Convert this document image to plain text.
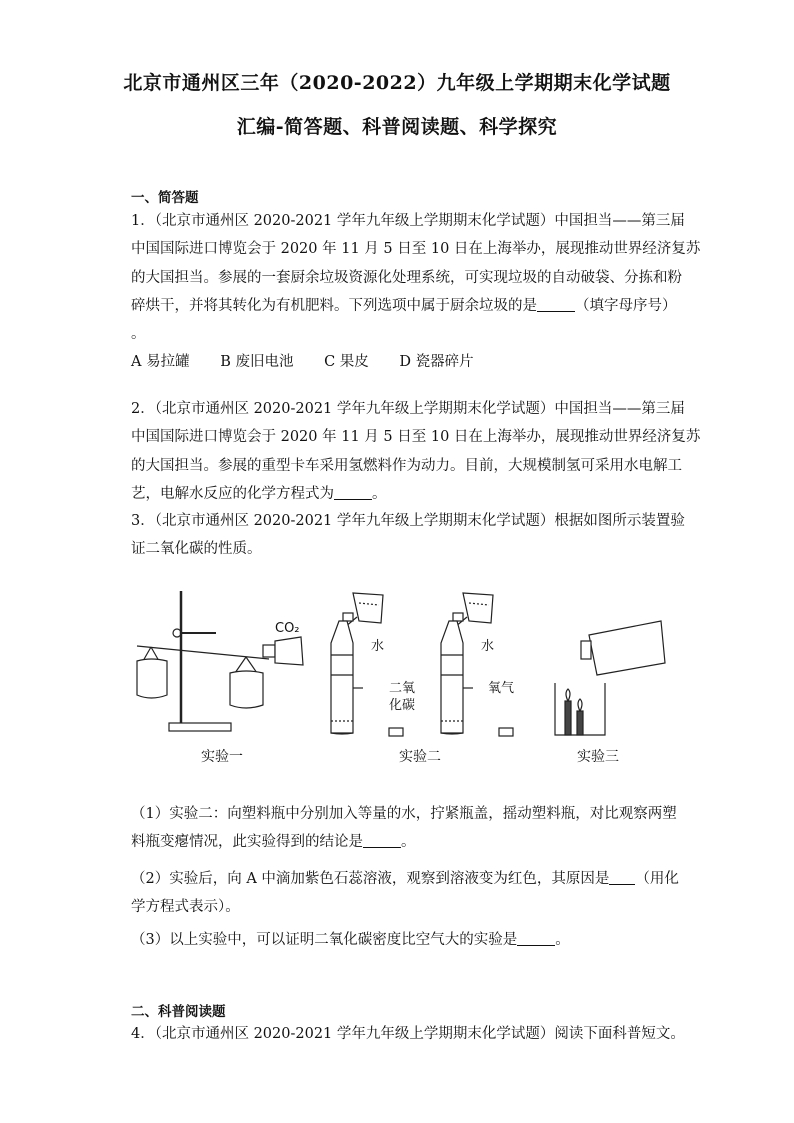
北京市通州区三年（2020-2022）九年级上学期期末化学试题
汇编-简答题、科普阅读题、科学探究
一、简答题
1．（北京市通州区 2020-2021 学年九年级上学期期末化学试题）中国担当——第三届
中国国际进口博览会于 2020 年 11 月 5 日至 10 日在上海举办，展现推动世界经济复苏
的大国担当。参展的一套厨余垃圾资源化处理系统，可实现垃圾的自动破袋、分拣和粉
碎烘干，并将其转化为有机肥料。下列选项中属于厨余垃圾的是	（填字母序号）
。
A 易拉罐 B 废旧电池 C 果皮 D 瓷器碎片
2．（北京市通州区 2020-2021 学年九年级上学期期末化学试题）中国担当——第三届
中国国际进口博览会于 2020 年 11 月 5 日至 10 日在上海举办，展现推动世界经济复苏
的大国担当。参展的重型卡车采用氢燃料作为动力。目前，大规模制氢可采用水电解工
艺，电解水反应的化学方程式为	。
3．（北京市通州区 2020-2021 学年九年级上学期期末化学试题）根据如图所示装置验
证二氧化碳的性质。
CO₂
水	水
二氧化碳
氧气
实验一	实验二	实验三
（1）实验二：向塑料瓶中分别加入等量的水，拧紧瓶盖，摇动塑料瓶，对比观察两塑
料瓶变瘪情况，此实验得到的结论是	。
（2）实验后，向 A 中滴加紫色石蕊溶液，观察到溶液变为红色，其原因是 （用化
学方程式表示）。
（3）以上实验中，可以证明二氧化碳密度比空气大的实验是	。
二、科普阅读题
4．（北京市通州区 2020-2021 学年九年级上学期期末化学试题）阅读下面科普短文。
